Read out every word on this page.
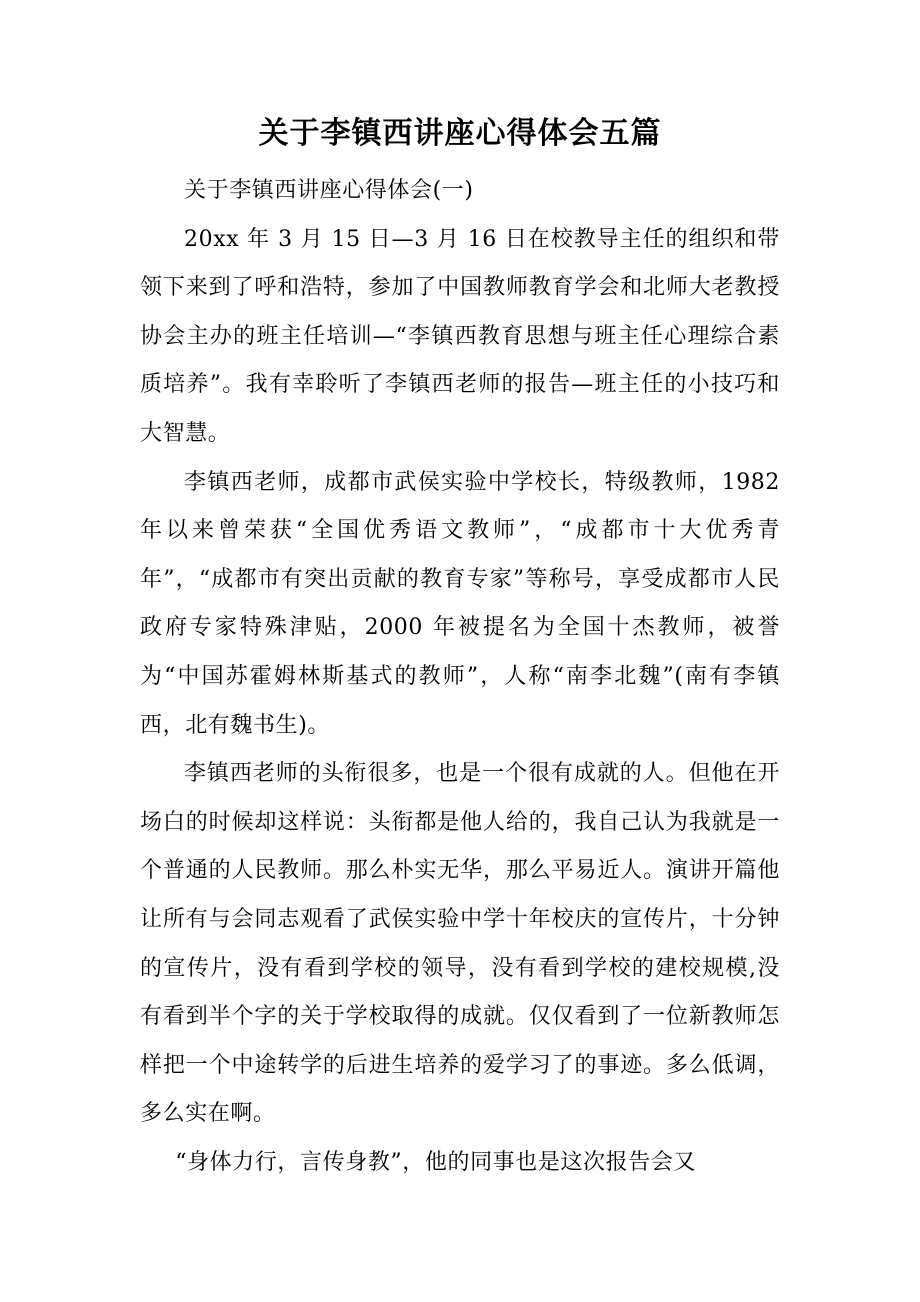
关于李镇西讲座心得体会五篇

关于李镇西讲座心得体会(一)

20xx 年 3 月 15 日—3 月 16 日在校教导主任的组织和带领下来到了呼和浩特，参加了中国教师教育学会和北师大老教授协会主办的班主任培训—“李镇西教育思想与班主任心理综合素质培养”。我有幸聆听了李镇西老师的报告—班主任的小技巧和大智慧。

李镇西老师，成都市武侯实验中学校长，特级教师，1982 年以来曾荣获“全国优秀语文教师”，“成都市十大优秀青年”，“成都市有突出贡献的教育专家”等称号，享受成都市人民政府专家特殊津贴，2000 年被提名为全国十杰教师，被誉为“中国苏霍姆林斯基式的教师”，人称“南李北魏”(南有李镇西，北有魏书生)。

李镇西老师的头衔很多，也是一个很有成就的人。但他在开场白的时候却这样说：头衔都是他人给的，我自己认为我就是一个普通的人民教师。那么朴实无华，那么平易近人。演讲开篇他让所有与会同志观看了武侯实验中学十年校庆的宣传片，十分钟的宣传片，没有看到学校的领导，没有看到学校的建校规模,没有看到半个字的关于学校取得的成就。仅仅看到了一位新教师怎样把一个中途转学的后进生培养的爱学习了的事迹。多么低调，多么实在啊。

“身体力行，言传身教”，他的同事也是这次报告会又
